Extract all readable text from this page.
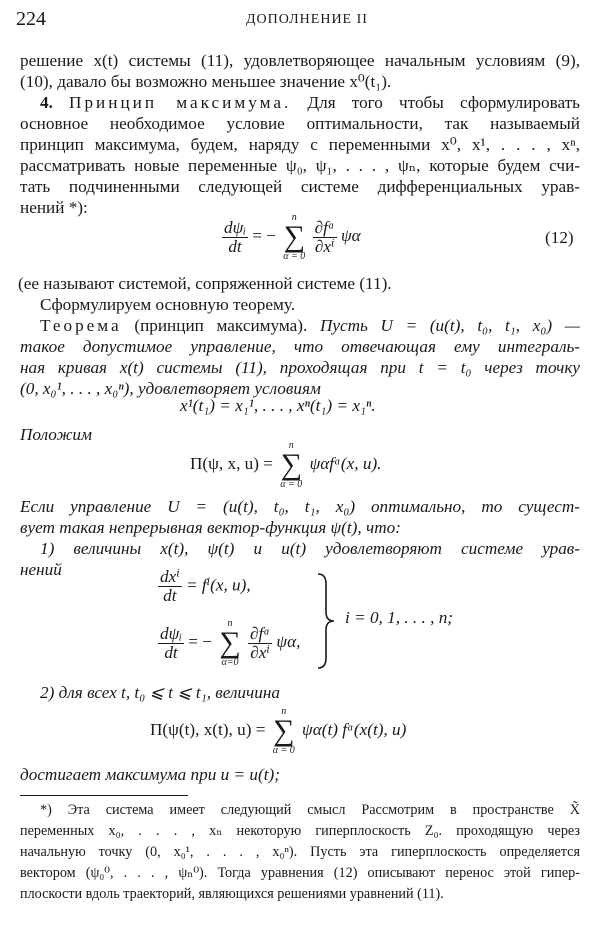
224	ДОПОЛНЕНИЕ II
решение x(t) системы (11), удовлетворяющее начальным условиям (9),
(10), давало бы возможно меньшее значение x⁰(t₁).
4. Принцип максимума. Для того чтобы сформулировать
основное необходимое условие оптимальности, так называемый
принцип максимума, будем, наряду с переменными x⁰, x¹, . . . , xⁿ,
рассматривать новые переменные ψ₀, ψ₁, . . . , ψₙ, которые будем счи-
тать подчиненными следующей системе дифференциальных урав-
нений *):
$\frac{\text{dψᵢ}}{dt}$ = −
n
∑
α = 0

$\frac{\text{∂fᵅ}}{\text{∂xⁱ}}$ ψα	(12)
(ее называют системой, сопряженной системе (11).
Сформулируем основную теорему.
Теорема (принцип максимума). Пусть U = (u(t), t₀, t₁, x₀) —
такое допустимое управление, что отвечающая ему интеграль-
ная кривая x(t) системы (11), проходящая при t = t₀ через точку
(0, x₀¹, . . . , x₀ⁿ), удовлетворяет условиям
x¹(t₁) = x₁¹, . . . , xⁿ(t₁) = x₁ⁿ.
Положим
Π(ψ, x, u) =
n
∑
α = 0
ψαfᵅ(x, u).
Если управление U = (u(t), t₀, t₁, x₀) оптимально, то сущест-
вует такая непрерывная вектор-функция ψ(t), что:
1) величины x(t), ψ(t) и u(t) удовлетворяют системе урав-
нений	$\frac{\text{dxⁱ}}{dt} = f^i(x$, u),
$\frac{\text{dψᵢ}}{dt}$ = −
n
∑
α=0

$\frac{\text{∂fᵅ}}{\text{∂xⁱ}} \psi\alpha$,
i = 0, 1, . . . , n;
2) для всех t, t₀ ⩽ t ⩽ t₁, величина
Π(ψ(t), x(t), u) =
n
∑
α = 0
ψα(t) fᵅ(x(t), u)
достигает максимума при u = u(t);
*) Эта система имеет следующий смысл Рассмотрим в пространстве X̃
переменных x₀, . . . , xₙ некоторую гиперплоскость Z₀. проходящую через
начальную точку (0, x₀¹, . . . , x₀ⁿ). Пусть эта гиперплоскость определяется
вектором (ψ₀⁰, . . . , ψₙ⁰). Тогда уравнения (12) описывают перенос этой гипер-
плоскости вдоль траекторий, являющихся решениями уравнений (11).
